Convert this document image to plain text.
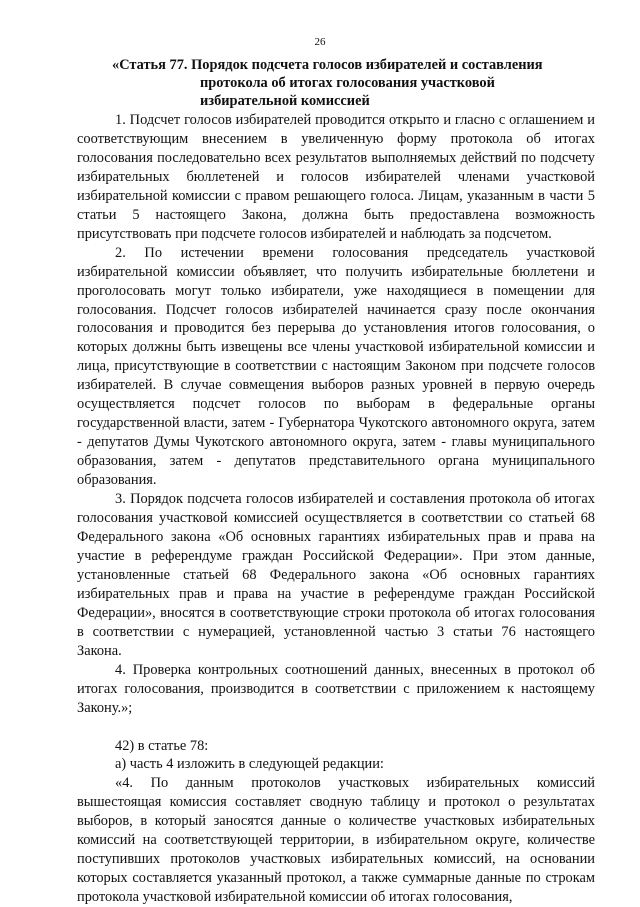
26
«Статья 77. Порядок подсчета голосов избирателей и составления
протокола об итогах голосования участковой
избирательной комиссией

1. Подсчет голосов избирателей проводится открыто и гласно с оглашением и соответствующим внесением в увеличенную форму протокола об итогах голосования последовательно всех результатов выполняемых действий по подсчету избирательных бюллетеней и голосов избирателей членами участковой избирательной комиссии с правом решающего голоса. Лицам, указанным в части 5 статьи 5 настоящего Закона, должна быть предоставлена возможность присутствовать при подсчете голосов избирателей и наблюдать за подсчетом.

2. По истечении времени голосования председатель участковой избирательной комиссии объявляет, что получить избирательные бюллетени и проголосовать могут только избиратели, уже находящиеся в помещении для голосования. Подсчет голосов избирателей начинается сразу после окончания голосования и проводится без перерыва до установления итогов голосования, о которых должны быть извещены все члены участковой избирательной комиссии и лица, присутствующие в соответствии с настоящим Законом при подсчете голосов избирателей. В случае совмещения выборов разных уровней в первую очередь осуществляется подсчет голосов по выборам в федеральные органы государственной власти, затем - Губернатора Чукотского автономного округа, затем - депутатов Думы Чукотского автономного округа, затем - главы муниципального образования, затем - депутатов представительного органа муниципального образования.

3. Порядок подсчета голосов избирателей и составления протокола об итогах голосования участковой комиссией осуществляется в соответствии со статьей 68 Федерального закона «Об основных гарантиях избирательных прав и права на участие в референдуме граждан Российской Федерации». При этом данные, установленные статьей 68 Федерального закона «Об основных гарантиях избирательных прав и права на участие в референдуме граждан Российской Федерации», вносятся в соответствующие строки протокола об итогах голосования в соответствии с нумерацией, установленной частью 3 статьи 76 настоящего Закона.

4. Проверка контрольных соотношений данных, внесенных в протокол об итогах голосования, производится в соответствии с приложением к настоящему Закону.»;

42) в статье 78:

а) часть 4 изложить в следующей редакции:

«4. По данным протоколов участковых избирательных комиссий вышестоящая комиссия составляет сводную таблицу и протокол о результатах выборов, в который заносятся данные о количестве участковых избирательных комиссий на соответствующей территории, в избирательном округе, количестве поступивших протоколов участковых избирательных комиссий, на основании которых составляется указанный протокол, а также суммарные данные по строкам протокола участковой избирательной комиссии об итогах голосования,
